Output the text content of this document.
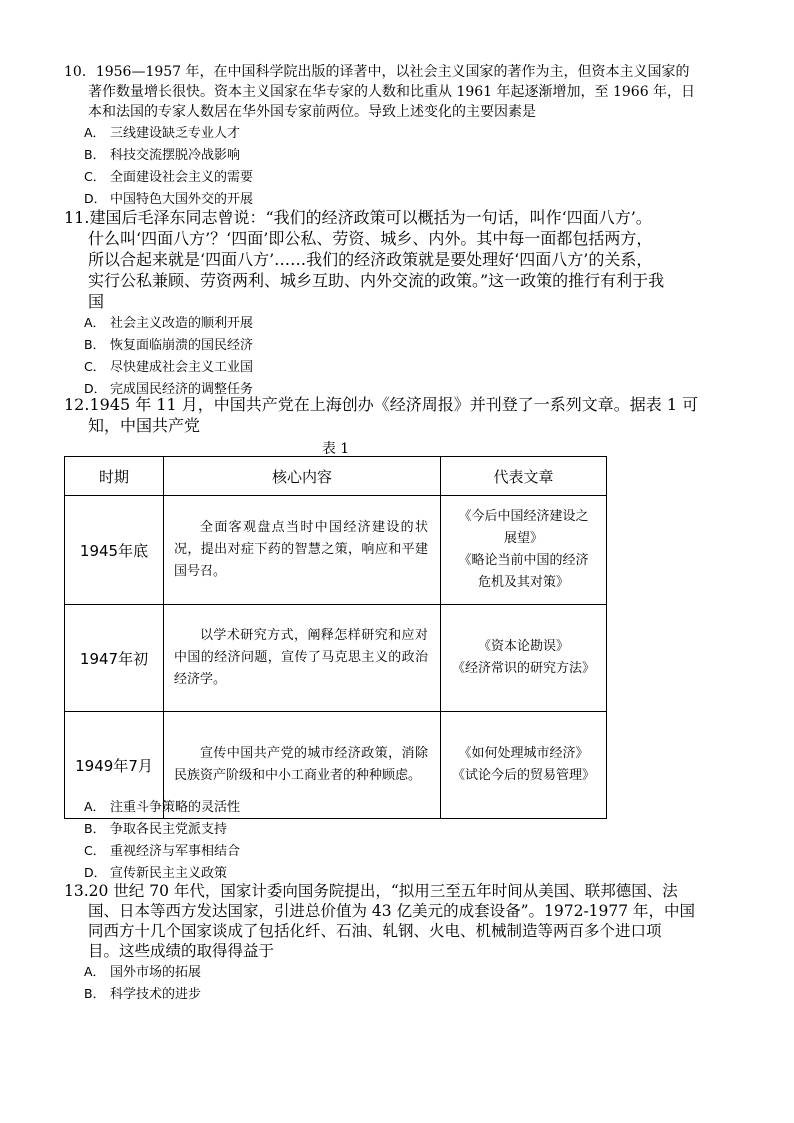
10．1956—1957 年，在中国科学院出版的译著中，以社会主义国家的著作为主，但资本主义国家的
著作数量增长很快。资本主义国家在华专家的人数和比重从 1961 年起逐渐增加，至 1966 年，日
本和法国的专家人数居在华外国专家前两位。导致上述变化的主要因素是

A． 三线建设缺乏专业人才
B． 科技交流摆脱冷战影响
C． 全面建设社会主义的需要
D． 中国特色大国外交的开展

11.建国后毛泽东同志曾说：“我们的经济政策可以概括为一句话，叫作‘四面八方’。
什么叫‘四面八方’？‘四面’即公私、劳资、城乡、内外。其中每一面都包括两方，
所以合起来就是‘四面八方’……我们的经济政策就是要处理好‘四面八方’的关系，
实行公私兼顾、劳资两利、城乡互助、内外交流的政策。”这一政策的推行有利于我
国

A． 社会主义改造的顺利开展
B． 恢复面临崩溃的国民经济
C． 尽快建成社会主义工业国
D． 完成国民经济的调整任务

12.1945 年 11 月，中国共产党在上海创办《经济周报》并刊登了一系列文章。据表 1 可
知，中国共产党

表 1
时期	核心内容	代表文章
1945年底	全面客观盘点当时中国经济建设的状况，提出对症下药的智慧之策，响应和平建国号召。	《今后中国经济建设之
展望》
《略论当前中国的经济
危机及其对策》

1947年初	以学术研究方式，阐释怎样研究和应对中国的经济问题，宣传了马克思主义的政治经济学。	《资本论勘误》
《经济常识的研究方法》

1949年7月	宣传中国共产党的城市经济政策，消除民族资产阶级和中小工商业者的种种顾虑。	《如何处理城市经济》
《试论今后的贸易管理》
A． 注重斗争策略的灵活性
B． 争取各民主党派支持
C． 重视经济与军事相结合
D． 宣传新民主主义政策

13.20 世纪 70 年代，国家计委向国务院提出，“拟用三至五年时间从美国、联邦德国、法
国、日本等西方发达国家，引进总价值为 43 亿美元的成套设备”。1972-1977 年，中国
同西方十几个国家谈成了包括化纤、石油、轧钢、火电、机械制造等两百多个进口项
目。这些成绩的取得得益于

A． 国外市场的拓展
B． 科学技术的进步
